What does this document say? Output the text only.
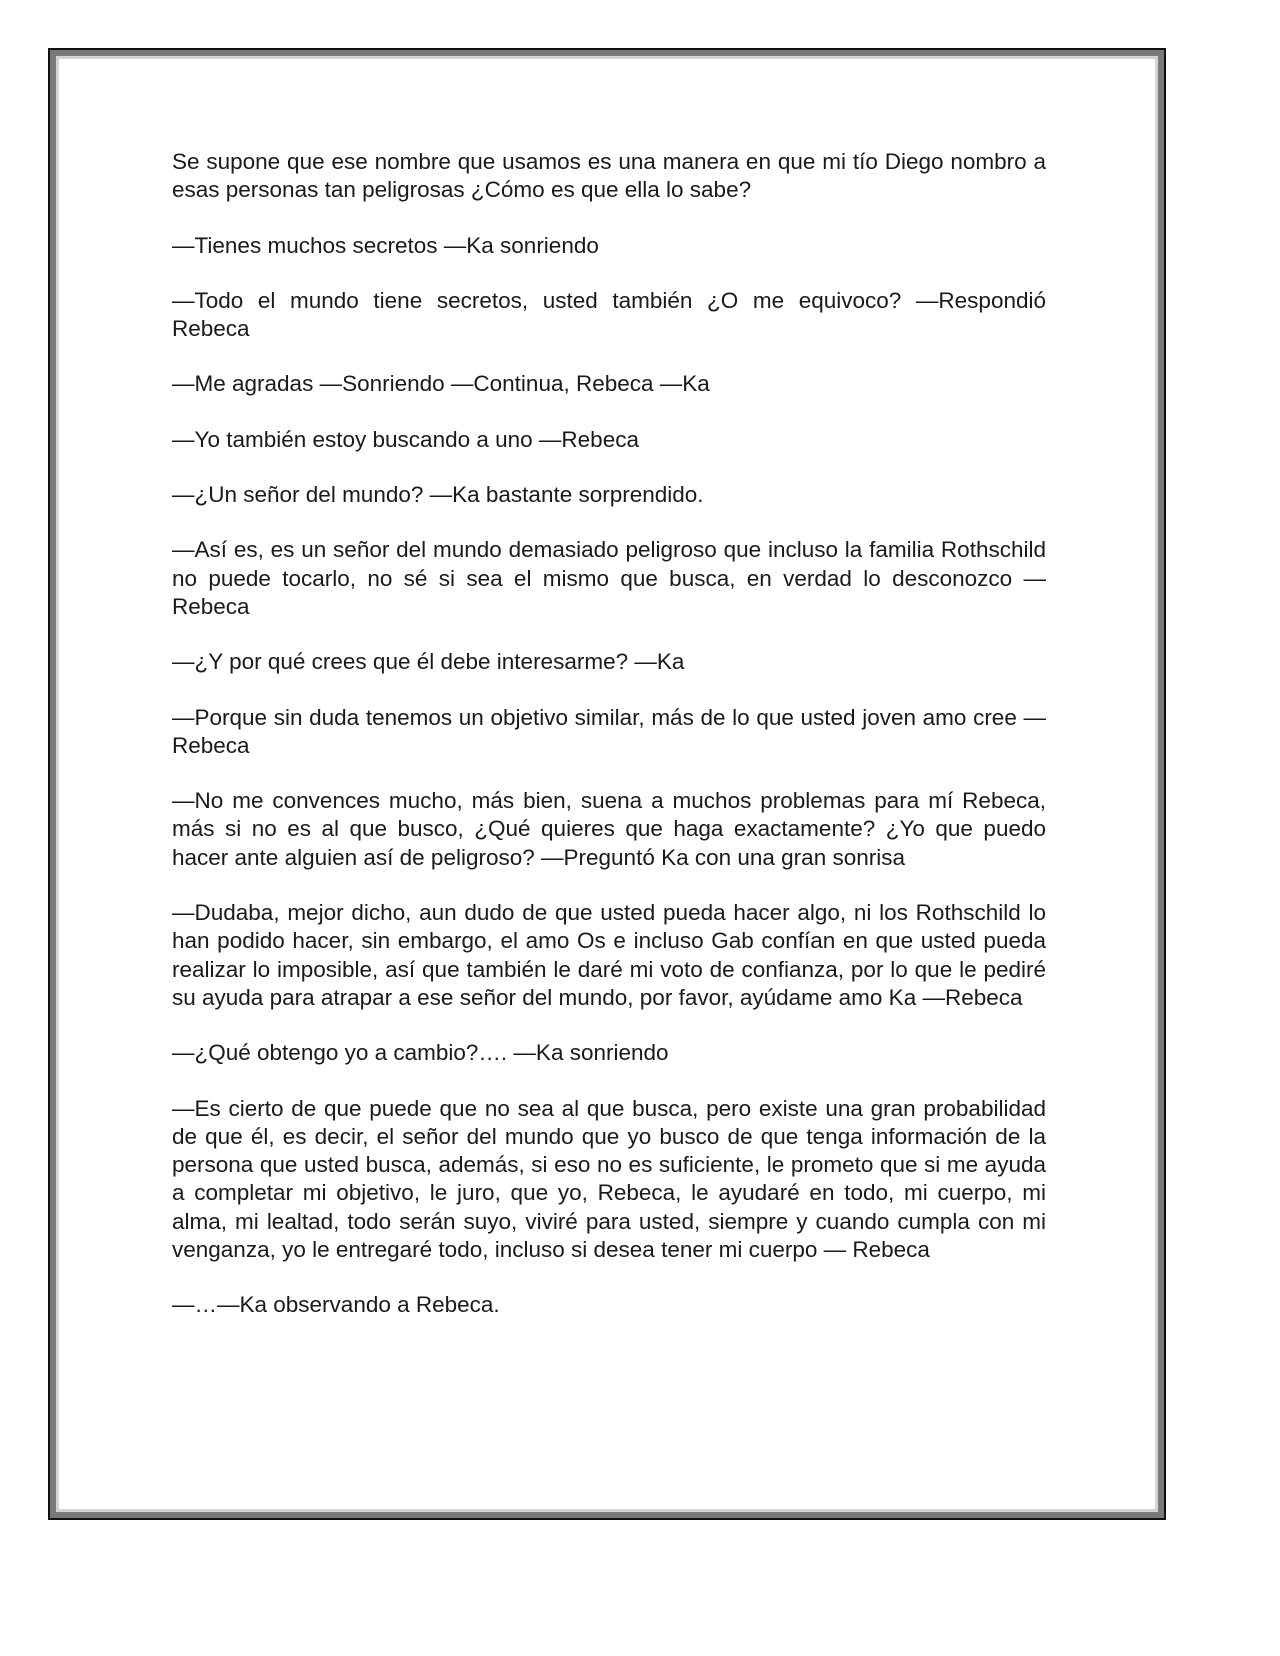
Se supone que ese nombre que usamos es una manera en que mi tío Diego nombro a esas personas tan peligrosas ¿Cómo es que ella lo sabe?

—Tienes muchos secretos —Ka sonriendo

—Todo el mundo tiene secretos, usted también ¿O me equivoco? —Respondió Rebeca

—Me agradas —Sonriendo —Continua, Rebeca —Ka

—Yo también estoy buscando a uno —Rebeca

—¿Un señor del mundo? —Ka bastante sorprendido.

—Así es, es un señor del mundo demasiado peligroso que incluso la familia Rothschild no puede tocarlo, no sé si sea el mismo que busca, en verdad lo desconozco —Rebeca

—¿Y por qué crees que él debe interesarme? —Ka

—Porque sin duda tenemos un objetivo similar, más de lo que usted joven amo cree —Rebeca

—No me convences mucho, más bien, suena a muchos problemas para mí Rebeca, más si no es al que busco, ¿Qué quieres que haga exactamente? ¿Yo que puedo hacer ante alguien así de peligroso? —Preguntó Ka con una gran sonrisa

—Dudaba, mejor dicho, aun dudo de que usted pueda hacer algo, ni los Rothschild lo han podido hacer, sin embargo, el amo Os e incluso Gab confían en que usted pueda realizar lo imposible, así que también le daré mi voto de confianza, por lo que le pediré su ayuda para atrapar a ese señor del mundo, por favor, ayúdame amo Ka —Rebeca

—¿Qué obtengo yo a cambio?…. —Ka sonriendo

—Es cierto de que puede que no sea al que busca, pero existe una gran probabilidad de que él, es decir, el señor del mundo que yo busco de que tenga información de la persona que usted busca, además, si eso no es suficiente, le prometo que si me ayuda a completar mi objetivo, le juro, que yo, Rebeca, le ayudaré en todo, mi cuerpo, mi alma, mi lealtad, todo serán suyo, viviré para usted, siempre y cuando cumpla con mi venganza, yo le entregaré todo, incluso si desea tener mi cuerpo — Rebeca

—…—Ka observando a Rebeca.
